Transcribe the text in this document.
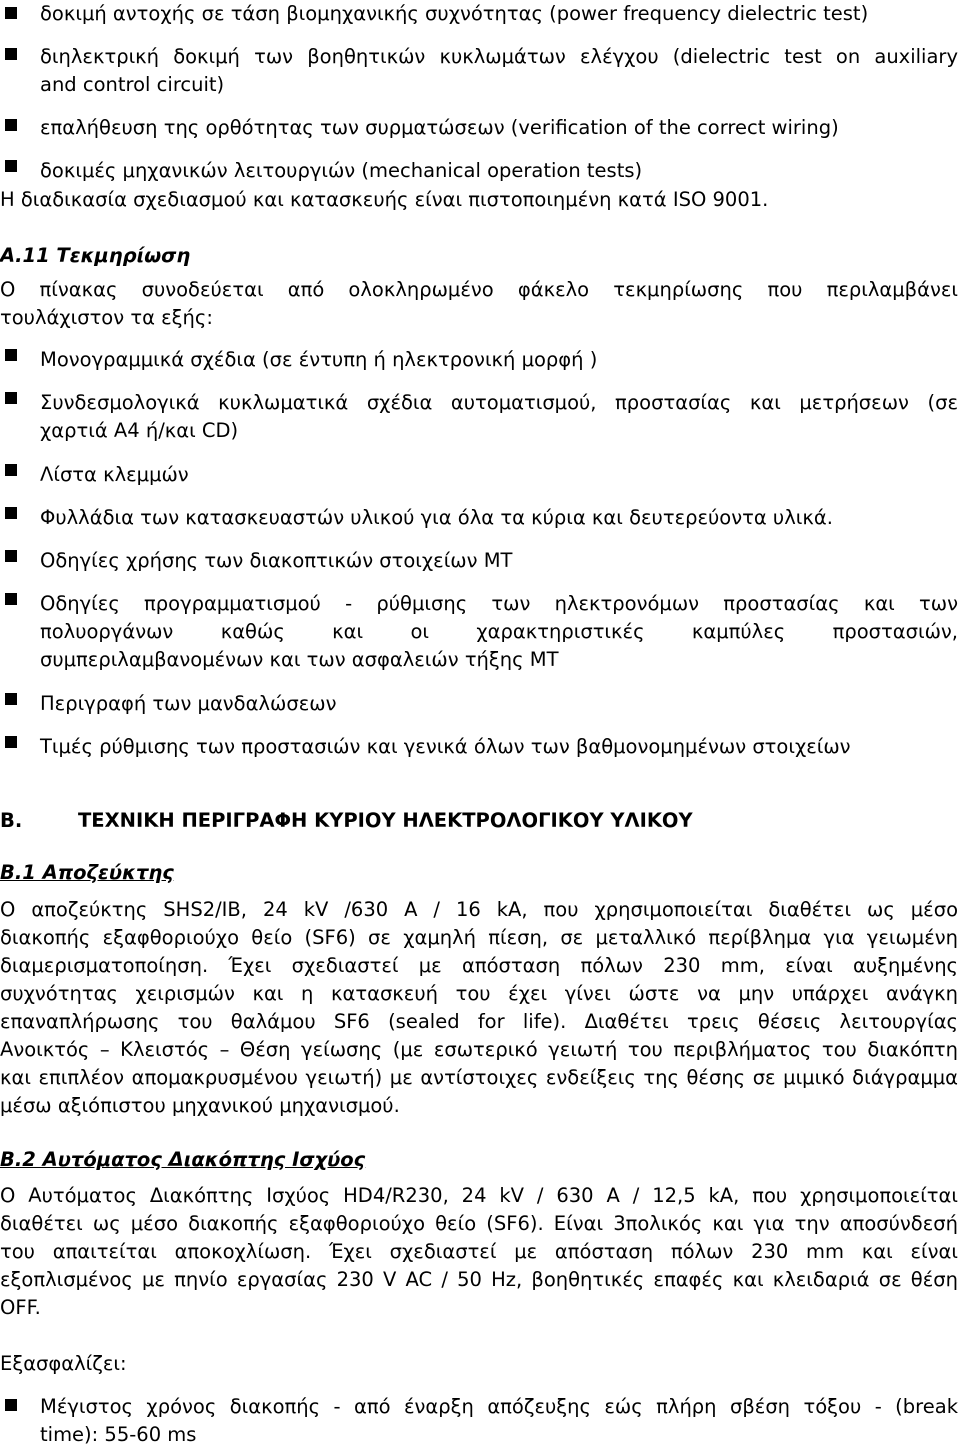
δοκιμή αντοχής σε τάση βιομηχανικής συχνότητας (power frequency dielectric test)
διηλεκτρική δοκιμή των βοηθητικών κυκλωμάτων ελέγχου (dielectric test on auxiliary
and control circuit)
επαλήθευση της ορθότητας των συρματώσεων (verification of the correct wiring)
δοκιμές μηχανικών λειτουργιών (mechanical operation tests)
Η διαδικασία σχεδιασμού και κατασκευής είναι πιστοποιημένη κατά ISO 9001.
Α.11 Τεκμηρίωση
Ο πίνακας συνοδεύεται από ολοκληρωμένο φάκελο τεκμηρίωσης που περιλαμβάνει
τουλάχιστον τα εξής:
Μονογραμμικά σχέδια (σε έντυπη ή ηλεκτρονική μορφή )
Συνδεσμολογικά κυκλωματικά σχέδια αυτοματισμού, προστασίας και μετρήσεων (σε
χαρτιά Α4 ή/και CD)
Λίστα κλεμμών
Φυλλάδια των κατασκευαστών υλικού για όλα τα κύρια και δευτερεύοντα υλικά.
Οδηγίες χρήσης των διακοπτικών στοιχείων ΜΤ
Οδηγίες προγραμματισμού - ρύθμισης των ηλεκτρονόμων προστασίας και των
πολυοργάνων καθώς και οι χαρακτηριστικές καμπύλες προστασιών,
συμπεριλαμβανομένων και των ασφαλειών τήξης ΜΤ
Περιγραφή των μανδαλώσεων
Τιμές ρύθμισης των προστασιών και γενικά όλων των βαθμονομημένων στοιχείων
Β.	ΤΕΧΝΙΚΗ ΠΕΡΙΓΡΑΦΗ ΚΥΡΙΟΥ ΗΛΕΚΤΡΟΛΟΓΙΚΟΥ ΥΛΙΚΟΥ
Β.1 Αποζεύκτης
Ο αποζεύκτης SHS2/IB, 24 kV /630 A / 16 kA, που χρησιμοποιείται διαθέτει ως μέσο
διακοπής εξαφθοριούχο θείο (SF6) σε χαμηλή πίεση, σε μεταλλικό περίβλημα για γειωμένη
διαμερισματοποίηση. Έχει σχεδιαστεί με απόσταση πόλων 230 mm, είναι αυξημένης
συχνότητας χειρισμών και η κατασκευή του έχει γίνει ώστε να μην υπάρχει ανάγκη
επαναπλήρωσης του θαλάμου SF6 (sealed for life). Διαθέτει τρεις θέσεις λειτουργίας
Ανοικτός – Κλειστός – Θέση γείωσης (με εσωτερικό γειωτή του περιβλήματος του διακόπτη
και επιπλέον απομακρυσμένου γειωτή) με αντίστοιχες ενδείξεις της θέσης σε μιμικό διάγραμμα
μέσω αξιόπιστου μηχανικού μηχανισμού.
Β.2 Αυτόματος Διακόπτης Ισχύος
Ο Αυτόματος Διακόπτης Ισχύος HD4/R230, 24 kV / 630 A / 12,5 kA, που χρησιμοποιείται
διαθέτει ως μέσο διακοπής εξαφθοριούχο θείο (SF6). Είναι 3πολικός και για την αποσύνδεσή
του απαιτείται αποκοχλίωση. Έχει σχεδιαστεί με απόσταση πόλων 230 mm και είναι
εξοπλισμένος με πηνίο εργασίας 230 V AC / 50 Hz, βοηθητικές επαφές και κλειδαριά σε θέση
OFF.
Εξασφαλίζει:
Μέγιστος χρόνος διακοπής - από έναρξη απόζευξης εώς πλήρη σβέση τόξου - (break
time): 55-60 ms
